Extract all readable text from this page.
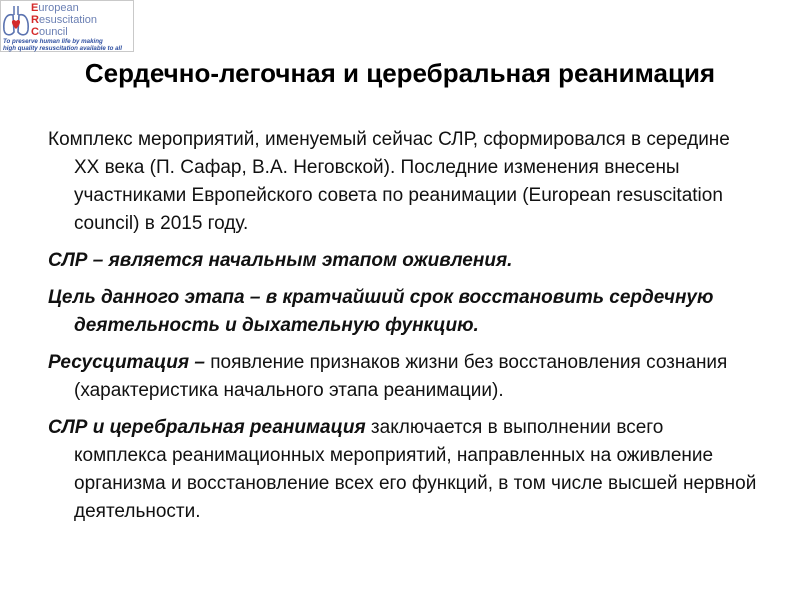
European
Resuscitation
Council
To preserve human life by making
high quality resuscitation available to all
Сердечно-легочная и церебральная реанимация

Комплекс мероприятий, именуемый сейчас СЛР, сформировался в середине XX века (П. Сафар, В.А. Неговской). Последние изменения внесены участниками Европейского совета по реанимации (European resuscitation council) в 2015 году.

СЛР – является начальным этапом оживления.

Цель данного этапа – в кратчайший срок восстановить сердечную деятельность и дыхательную функцию.

Ресусцитация – появление признаков жизни без восстановления сознания (характеристика начального этапа реанимации).

СЛР и церебральная реанимация заключается в выполнении всего комплекса реанимационных мероприятий, направленных на оживление организма и восстановление всех его функций, в том числе высшей нервной деятельности.
